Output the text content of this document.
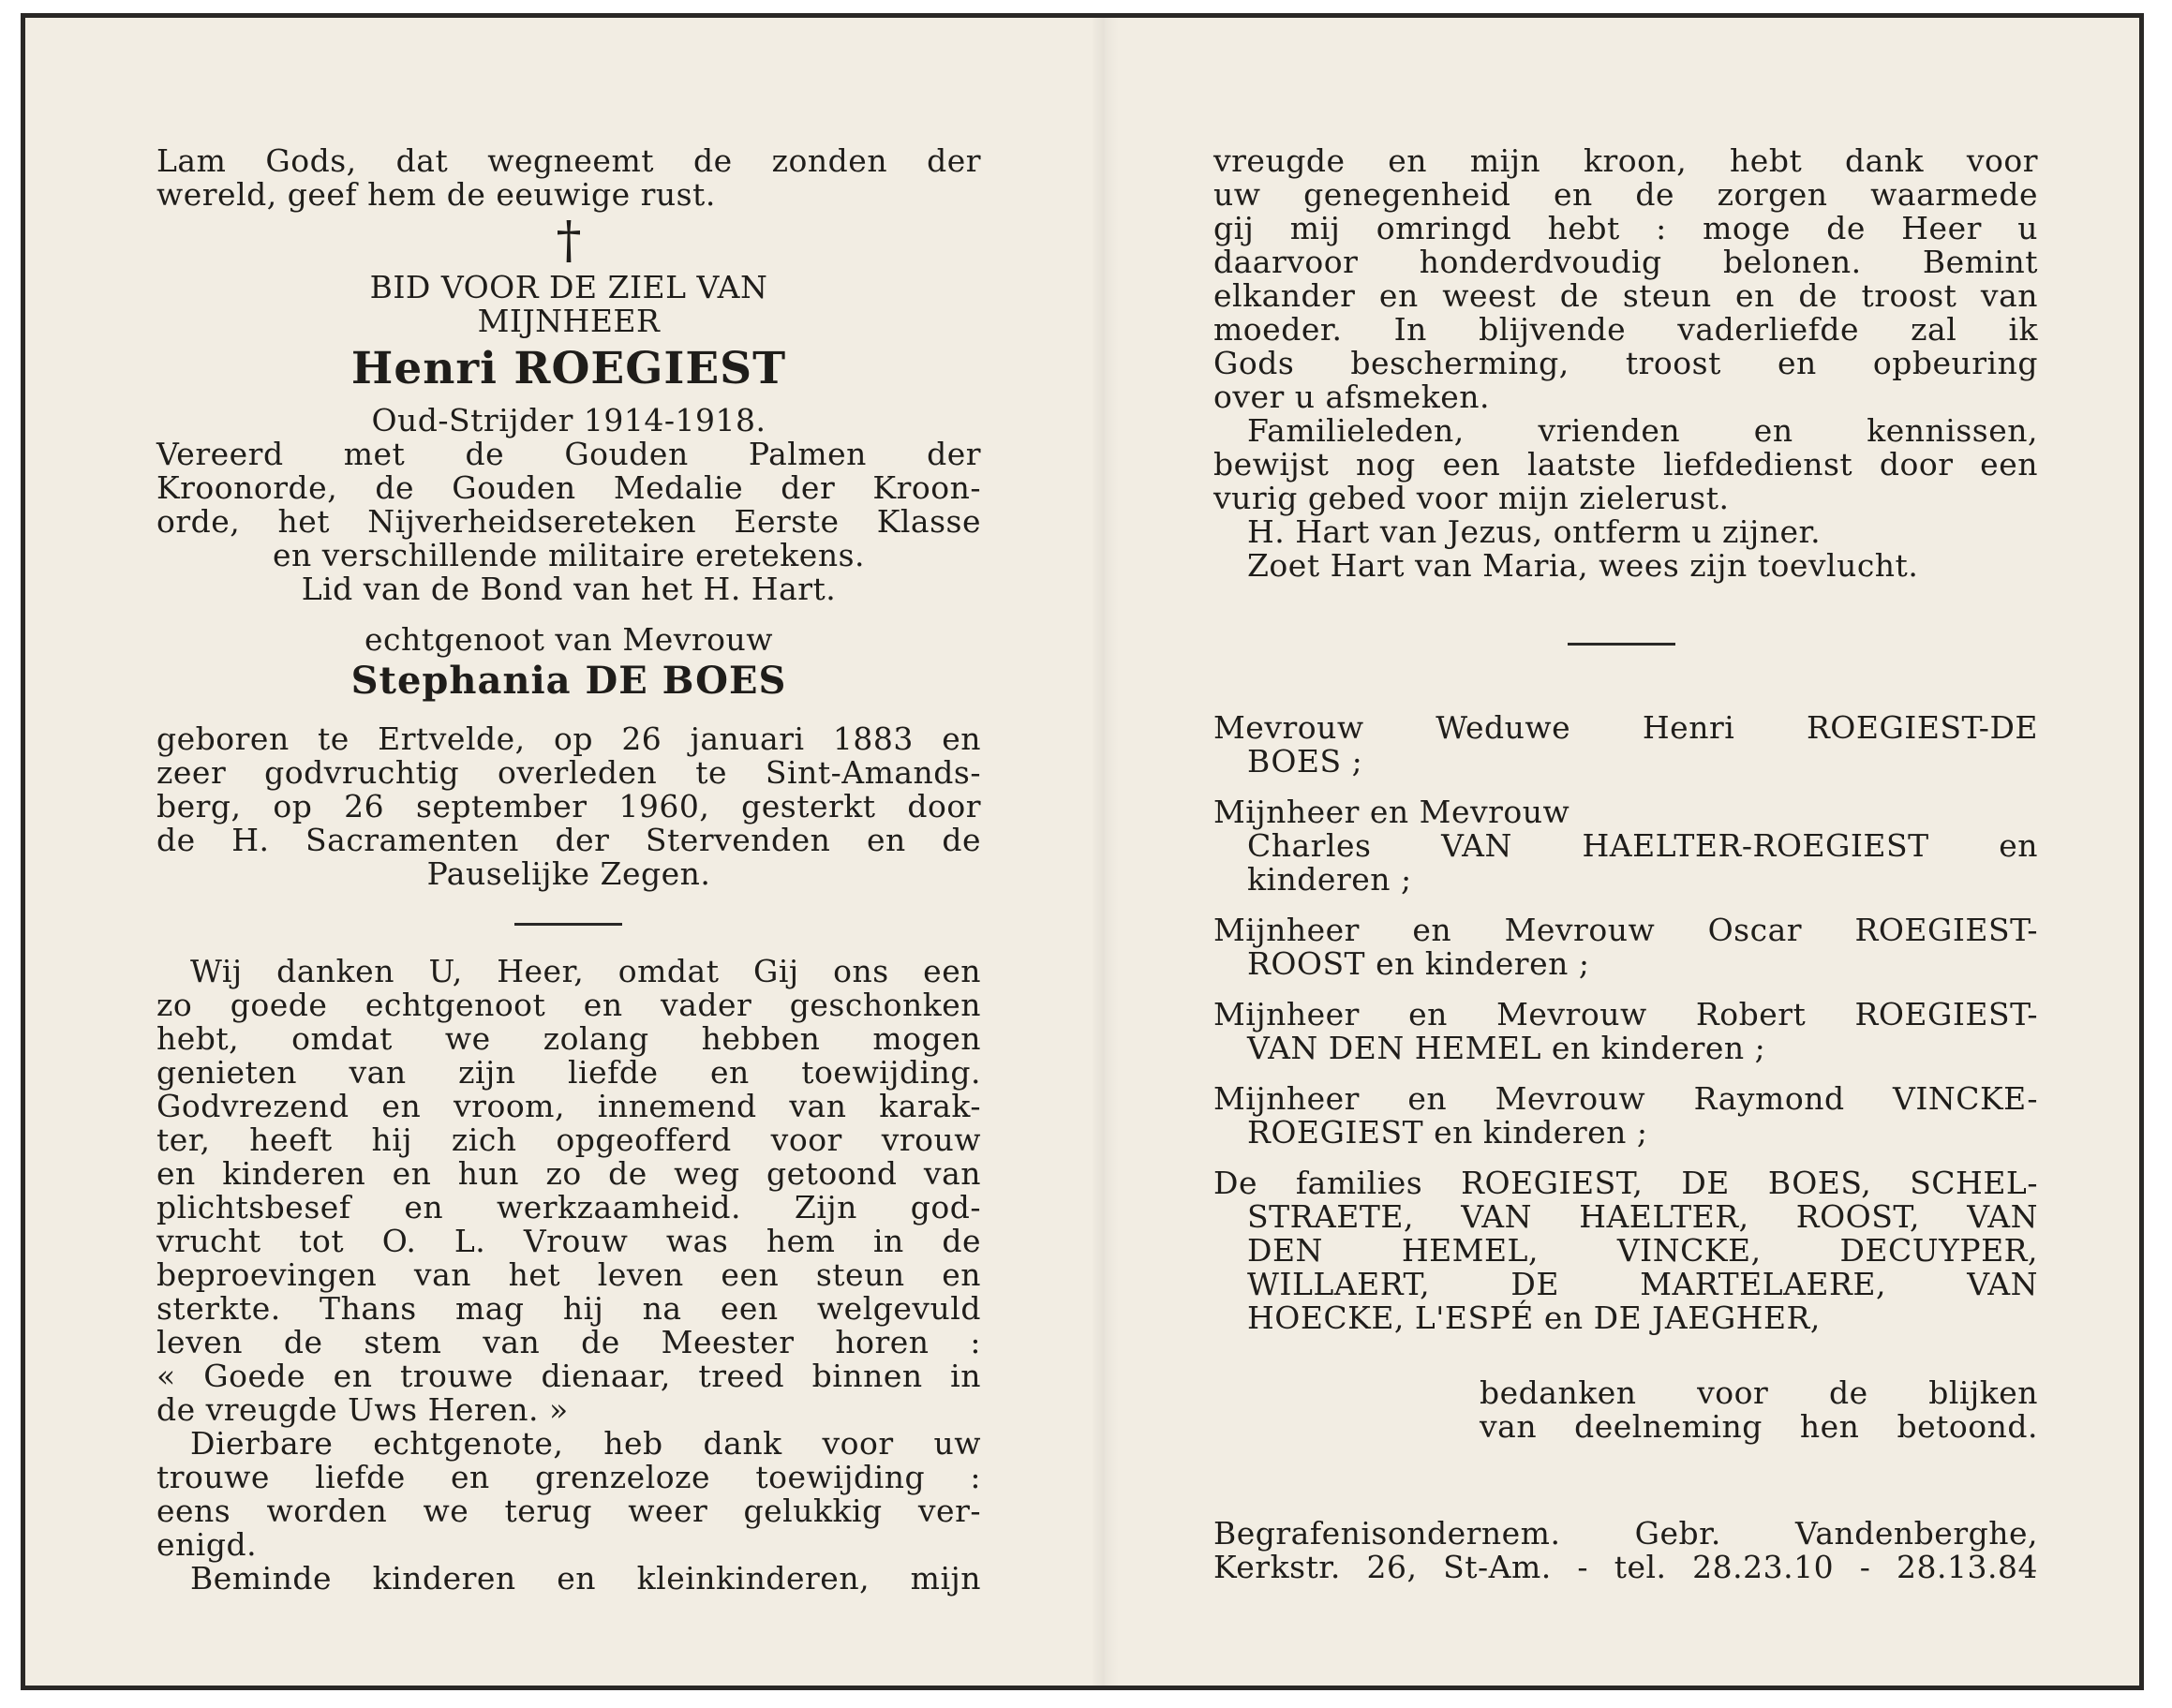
Lam Gods, dat wegneemt de zonden der

wereld, geef hem de eeuwige rust.

†

BID VOOR DE ZIEL VAN

MIJNHEER

Henri ROEGIEST

Oud-Strijder 1914-1918.

Vereerd met de Gouden Palmen der

Kroonorde, de Gouden Medalie der Kroon-

orde, het Nijverheidsereteken Eerste Klasse

en verschillende militaire eretekens.

Lid van de Bond van het H. Hart.

echtgenoot van Mevrouw

Stephania DE BOES

geboren te Ertvelde, op 26 januari 1883 en

zeer godvruchtig overleden te Sint-Amands-

berg, op 26 september 1960, gesterkt door

de H. Sacramenten der Stervenden en de

Pauselijke Zegen.

Wij danken U, Heer, omdat Gij ons een

zo goede echtgenoot en vader geschonken

hebt, omdat we zolang hebben mogen

genieten van zijn liefde en toewijding.

Godvrezend en vroom, innemend van karak-

ter, heeft hij zich opgeofferd voor vrouw

en kinderen en hun zo de weg getoond van

plichtsbesef en werkzaamheid. Zijn god-

vrucht tot O. L. Vrouw was hem in de

beproevingen van het leven een steun en

sterkte. Thans mag hij na een welgevuld

leven de stem van de Meester horen :

« Goede en trouwe dienaar, treed binnen in

de vreugde Uws Heren. »

Dierbare echtgenote, heb dank voor uw

trouwe liefde en grenzeloze toewijding :

eens worden we terug weer gelukkig ver-

enigd.

Beminde kinderen en kleinkinderen, mijn

vreugde en mijn kroon, hebt dank voor

uw genegenheid en de zorgen waarmede

gij mij omringd hebt : moge de Heer u

daarvoor honderdvoudig belonen. Bemint

elkander en weest de steun en de troost van

moeder. In blijvende vaderliefde zal ik

Gods bescherming, troost en opbeuring

over u afsmeken.

Familieleden, vrienden en kennissen,

bewijst nog een laatste liefdedienst door een

vurig gebed voor mijn zielerust.

H. Hart van Jezus, ontferm u zijner.

Zoet Hart van Maria, wees zijn toevlucht.

Mevrouw Weduwe Henri ROEGIEST-DE

BOES ;

Mijnheer en Mevrouw

Charles VAN HAELTER-ROEGIEST en

kinderen ;

Mijnheer en Mevrouw Oscar ROEGIEST-

ROOST en kinderen ;

Mijnheer en Mevrouw Robert ROEGIEST-

VAN DEN HEMEL en kinderen ;

Mijnheer en Mevrouw Raymond VINCKE-

ROEGIEST en kinderen ;

De families ROEGIEST, DE BOES, SCHEL-

STRAETE, VAN HAELTER, ROOST, VAN

DEN HEMEL, VINCKE, DECUYPER,

WILLAERT, DE MARTELAERE, VAN

HOECKE, L'ESPÉ en DE JAEGHER,

bedanken voor de blijken

van deelneming hen betoond.

Begrafenisondernem. Gebr. Vandenberghe,

Kerkstr. 26, St-Am. - tel. 28.23.10 - 28.13.84
